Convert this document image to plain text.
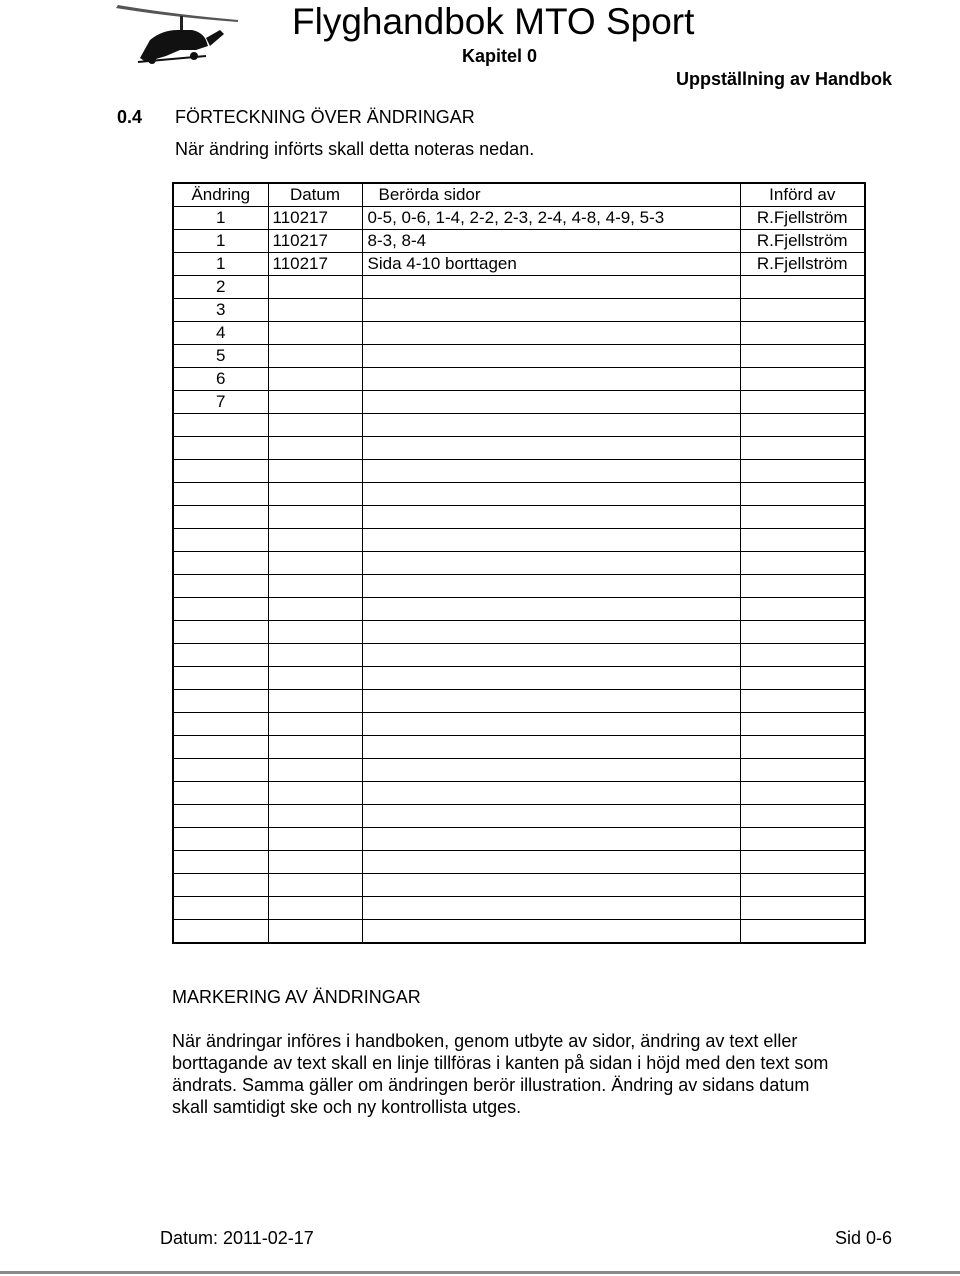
Flyghandbok MTO Sport
Kapitel 0
Uppställning av Handbok
0.4 FÖRTECKNING ÖVER ÄNDRINGAR
När ändring införts skall detta noteras nedan.
Ändring	Datum	Berörda sidor	Införd av
1	110217	0-5, 0-6, 1-4, 2-2, 2-3, 2-4, 4-8, 4-9, 5-3	R.Fjellström
1	110217	8-3, 8-4	R.Fjellström
1	110217	Sida 4-10 borttagen	R.Fjellström
2			
3			
4			
5			
6			
7			

MARKERING AV ÄNDRINGAR

När ändringar införes i handboken, genom utbyte av sidor, ändring av text eller

borttagande av text skall en linje tillföras i kanten på sidan i höjd med den text som

ändrats. Samma gäller om ändringen berör illustration. Ändring av sidans datum

skall samtidigt ske och ny kontrollista utges.

Datum: 2011-02-17	Sid 0-6
